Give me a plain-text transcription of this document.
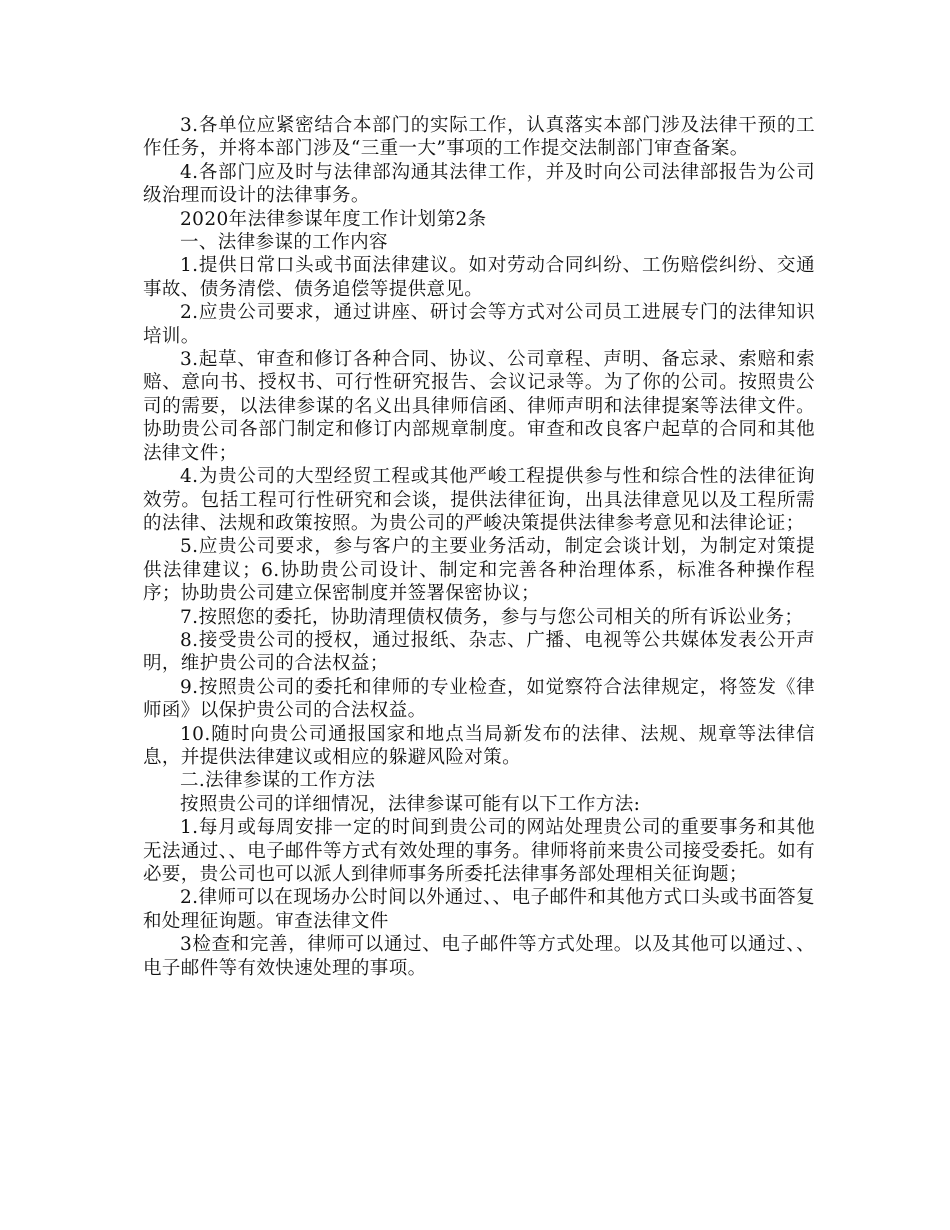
3.各单位应紧密结合本部门的实际工作，认真落实本部门涉及法律干预的工作任务，并将本部门涉及“三重一大”事项的工作提交法制部门审查备案。

4.各部门应及时与法律部沟通其法律工作，并及时向公司法律部报告为公司级治理而设计的法律事务。

2020年法律参谋年度工作计划第2条

一、法律参谋的工作内容

1.提供日常口头或书面法律建议。如对劳动合同纠纷、工伤赔偿纠纷、交通事故、债务清偿、债务追偿等提供意见。

2.应贵公司要求，通过讲座、研讨会等方式对公司员工进展专门的法律知识培训。

3.起草、审查和修订各种合同、协议、公司章程、声明、备忘录、索赔和索赔、意向书、授权书、可行性研究报告、会议记录等。为了你的公司。按照贵公司的需要，以法律参谋的名义出具律师信函、律师声明和法律提案等法律文件。协助贵公司各部门制定和修订内部规章制度。审查和改良客户起草的合同和其他法律文件；

4.为贵公司的大型经贸工程或其他严峻工程提供参与性和综合性的法律征询效劳。包括工程可行性研究和会谈，提供法律征询，出具法律意见以及工程所需的法律、法规和政策按照。为贵公司的严峻决策提供法律参考意见和法律论证；

5.应贵公司要求，参与客户的主要业务活动，制定会谈计划，为制定对策提供法律建议；6.协助贵公司设计、制定和完善各种治理体系，标准各种操作程序；协助贵公司建立保密制度并签署保密协议；

7.按照您的委托，协助清理债权债务，参与与您公司相关的所有诉讼业务；

8.接受贵公司的授权，通过报纸、杂志、广播、电视等公共媒体发表公开声明，维护贵公司的合法权益；

9.按照贵公司的委托和律师的专业检查，如觉察符合法律规定，将签发《律师函》以保护贵公司的合法权益。

10.随时向贵公司通报国家和地点当局新发布的法律、法规、规章等法律信息，并提供法律建议或相应的躲避风险对策。

二.法律参谋的工作方法

按照贵公司的详细情况，法律参谋可能有以下工作方法:

1.每月或每周安排一定的时间到贵公司的网站处理贵公司的重要事务和其他无法通过、、电子邮件等方式有效处理的事务。律师将前来贵公司接受委托。如有必要，贵公司也可以派人到律师事务所委托法律事务部处理相关征询题；

2.律师可以在现场办公时间以外通过、、电子邮件和其他方式口头或书面答复和处理征询题。审查法律文件

3检查和完善，律师可以通过、电子邮件等方式处理。以及其他可以通过、、电子邮件等有效快速处理的事项。
